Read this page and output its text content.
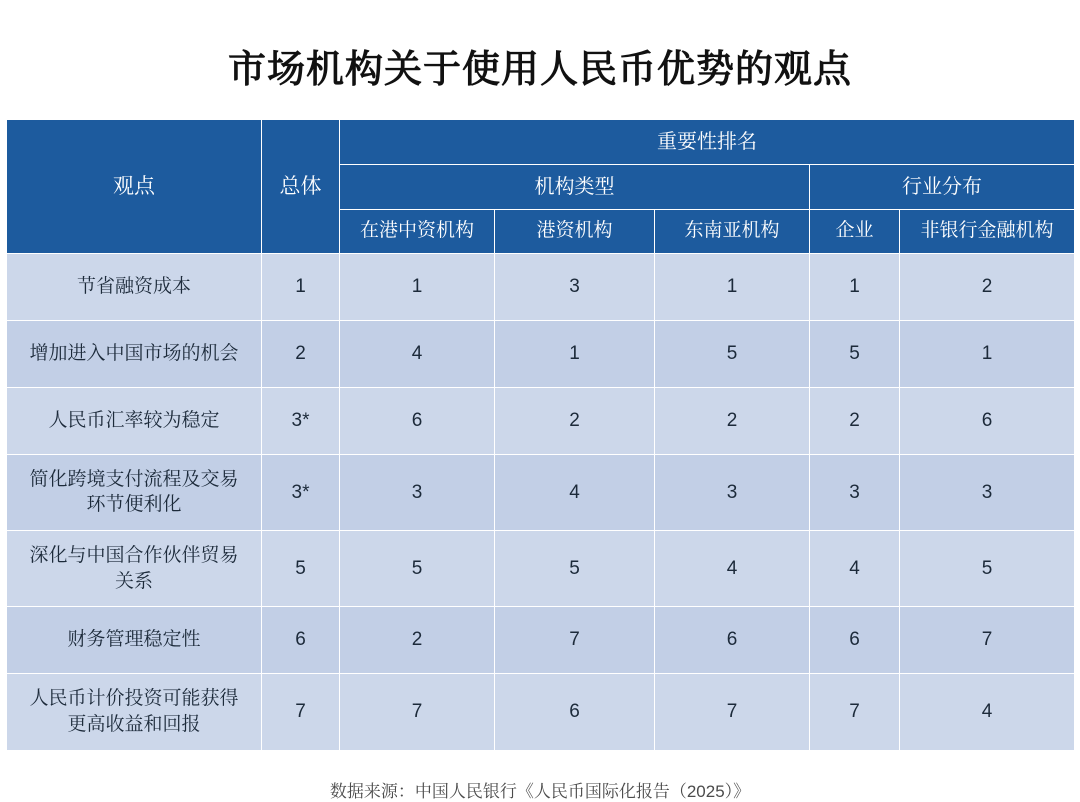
市场机构关于使用人民币优势的观点
观点	总体	重要性排名				
		机构类型			行业分布	
		在港中资机构	港资机构	东南亚机构	企业	非银行金融机构
节省融资成本	1	1	3	1	1	2
增加进入中国市场的机会	2	4	1	5	5	1
人民币汇率较为稳定	3*	6	2	2	2	6
简化跨境支付流程及交易环节便利化	3*	3	4	3	3	3
深化与中国合作伙伴贸易关系	5	5	5	4	4	5
财务管理稳定性	6	2	7	6	6	7
人民币计价投资可能获得更高收益和回报	7	7	6	7	7	4
数据来源：中国人民银行《人民币国际化报告（2025）》
